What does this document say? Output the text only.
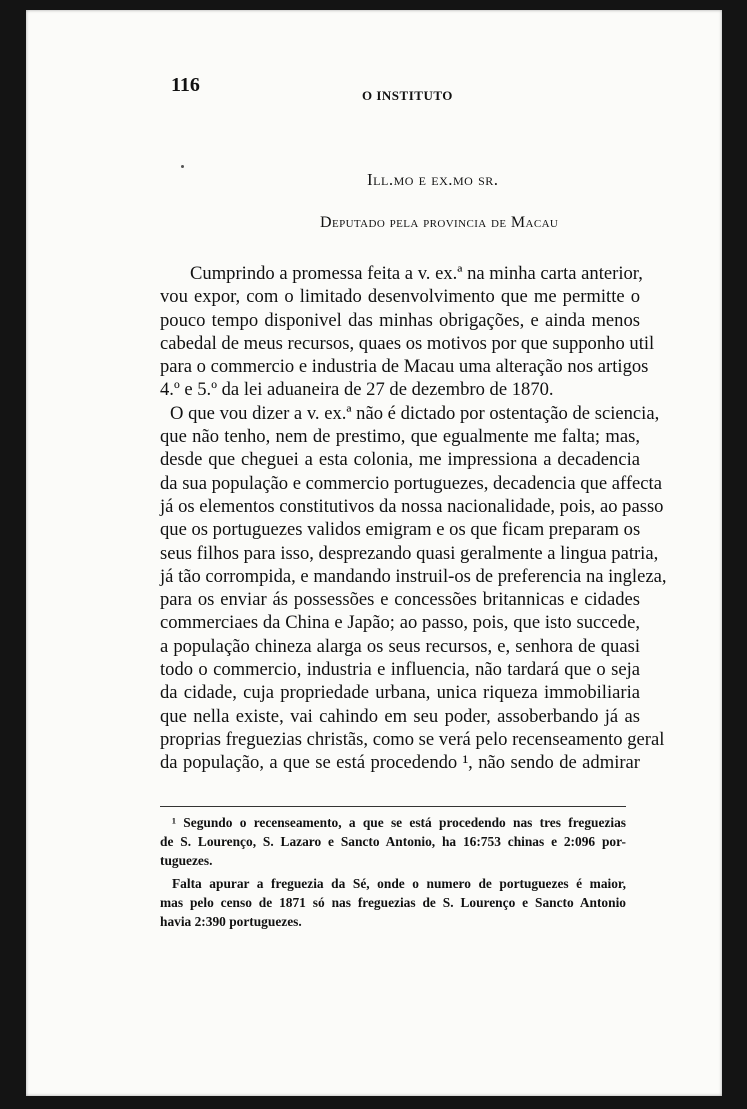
116	O INSTITUTO
Ill.mo e ex.mo sr.
Deputado pela provincia de Macau
Cumprindo a promessa feita a v. ex.ª na minha carta anterior,
vou expor, com o limitado desenvolvimento que me permitte o
pouco tempo disponivel das minhas obrigações, e ainda menos
cabedal de meus recursos, quaes os motivos por que supponho util
para o commercio e industria de Macau uma alteração nos artigos
4.º e 5.º da lei aduaneira de 27 de dezembro de 1870.
O que vou dizer a v. ex.ª não é dictado por ostentação de sciencia,
que não tenho, nem de prestimo, que egualmente me falta; mas,
desde que cheguei a esta colonia, me impressiona a decadencia
da sua população e commercio portuguezes, decadencia que affecta
já os elementos constitutivos da nossa nacionalidade, pois, ao passo
que os portuguezes validos emigram e os que ficam preparam os
seus filhos para isso, desprezando quasi geralmente a lingua patria,
já tão corrompida, e mandando instruil-os de preferencia na ingleza,
para os enviar ás possessões e concessões britannicas e cidades
commerciaes da China e Japão; ao passo, pois, que isto succede,
a população chineza alarga os seus recursos, e, senhora de quasi
todo o commercio, industria e influencia, não tardará que o seja
da cidade, cuja propriedade urbana, unica riqueza immobiliaria
que nella existe, vai cahindo em seu poder, assoberbando já as
proprias freguezias christãs, como se verá pelo recenseamento geral
da população, a que se está procedendo ¹, não sendo de admirar
¹ Segundo o recenseamento, a que se está procedendo nas tres freguezias
de S. Lourenço, S. Lazaro e Sancto Antonio, ha 16:753 chinas e 2:096 por-
tuguezes.
Falta apurar a freguezia da Sé, onde o numero de portuguezes é maior,
mas pelo censo de 1871 só nas freguezias de S. Lourenço e Sancto Antonio
havia 2:390 portuguezes.
